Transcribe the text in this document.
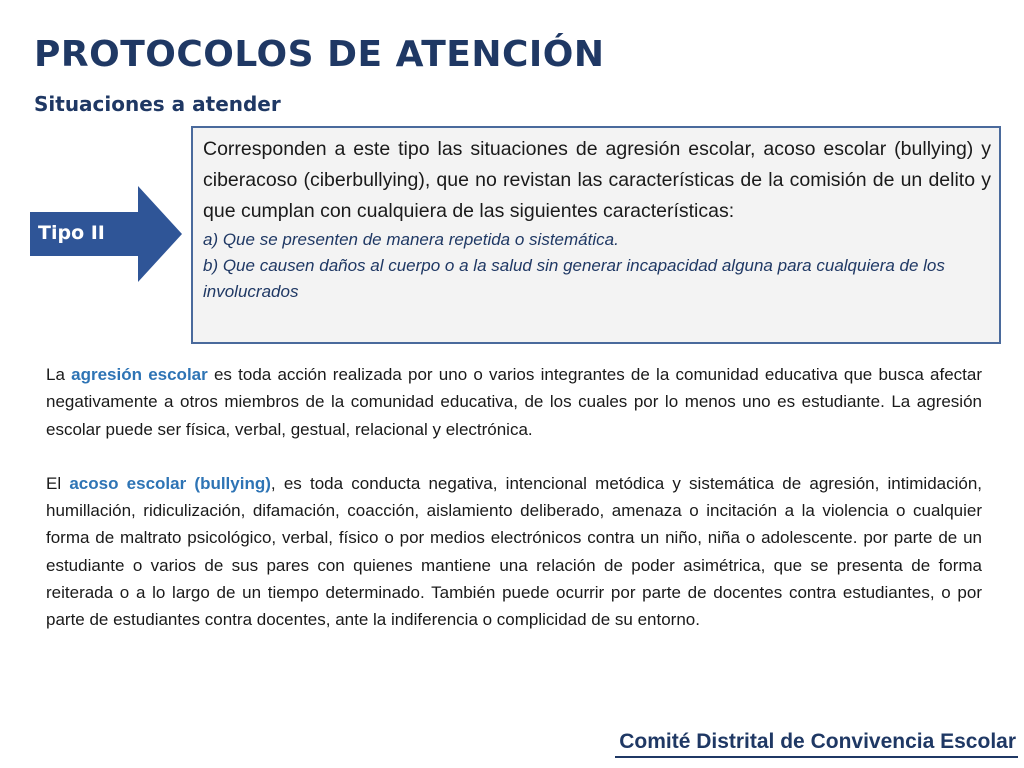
PROTOCOLOS DE ATENCIÓN
Situaciones a atender
Tipo II

Corresponden a este tipo las situaciones de agresión escolar, acoso escolar (bullying) y ciberacoso (ciberbullying), que no revistan las características de la comisión de un delito y que cumplan con cualquiera de las siguientes características:

a) Que se presenten de manera repetida o sistemática.

b) Que causen daños al cuerpo o a la salud sin generar incapacidad alguna para cualquiera de los involucrados

La agresión escolar es toda acción realizada por uno o varios integrantes de la comunidad educativa que busca afectar negativamente a otros miembros de la comunidad educativa, de los cuales por lo menos uno es estudiante. La agresión escolar puede ser física, verbal, gestual, relacional y electrónica.

El acoso escolar (bullying), es toda conducta negativa, intencional metódica y sistemática de agresión, intimidación, humillación, ridiculización, difamación, coacción, aislamiento deliberado, amenaza o incitación a la violencia o cualquier forma de maltrato psicológico, verbal, físico o por medios electrónicos contra un niño, niña o adolescente. por parte de un estudiante o varios de sus pares con quienes mantiene una relación de poder asimétrica, que se presenta de forma reiterada o a lo largo de un tiempo determinado. También puede ocurrir por parte de docentes contra estudiantes, o por parte de estudiantes contra docentes, ante la indiferencia o complicidad de su entorno.

Comité Distrital de Convivencia Escolar
